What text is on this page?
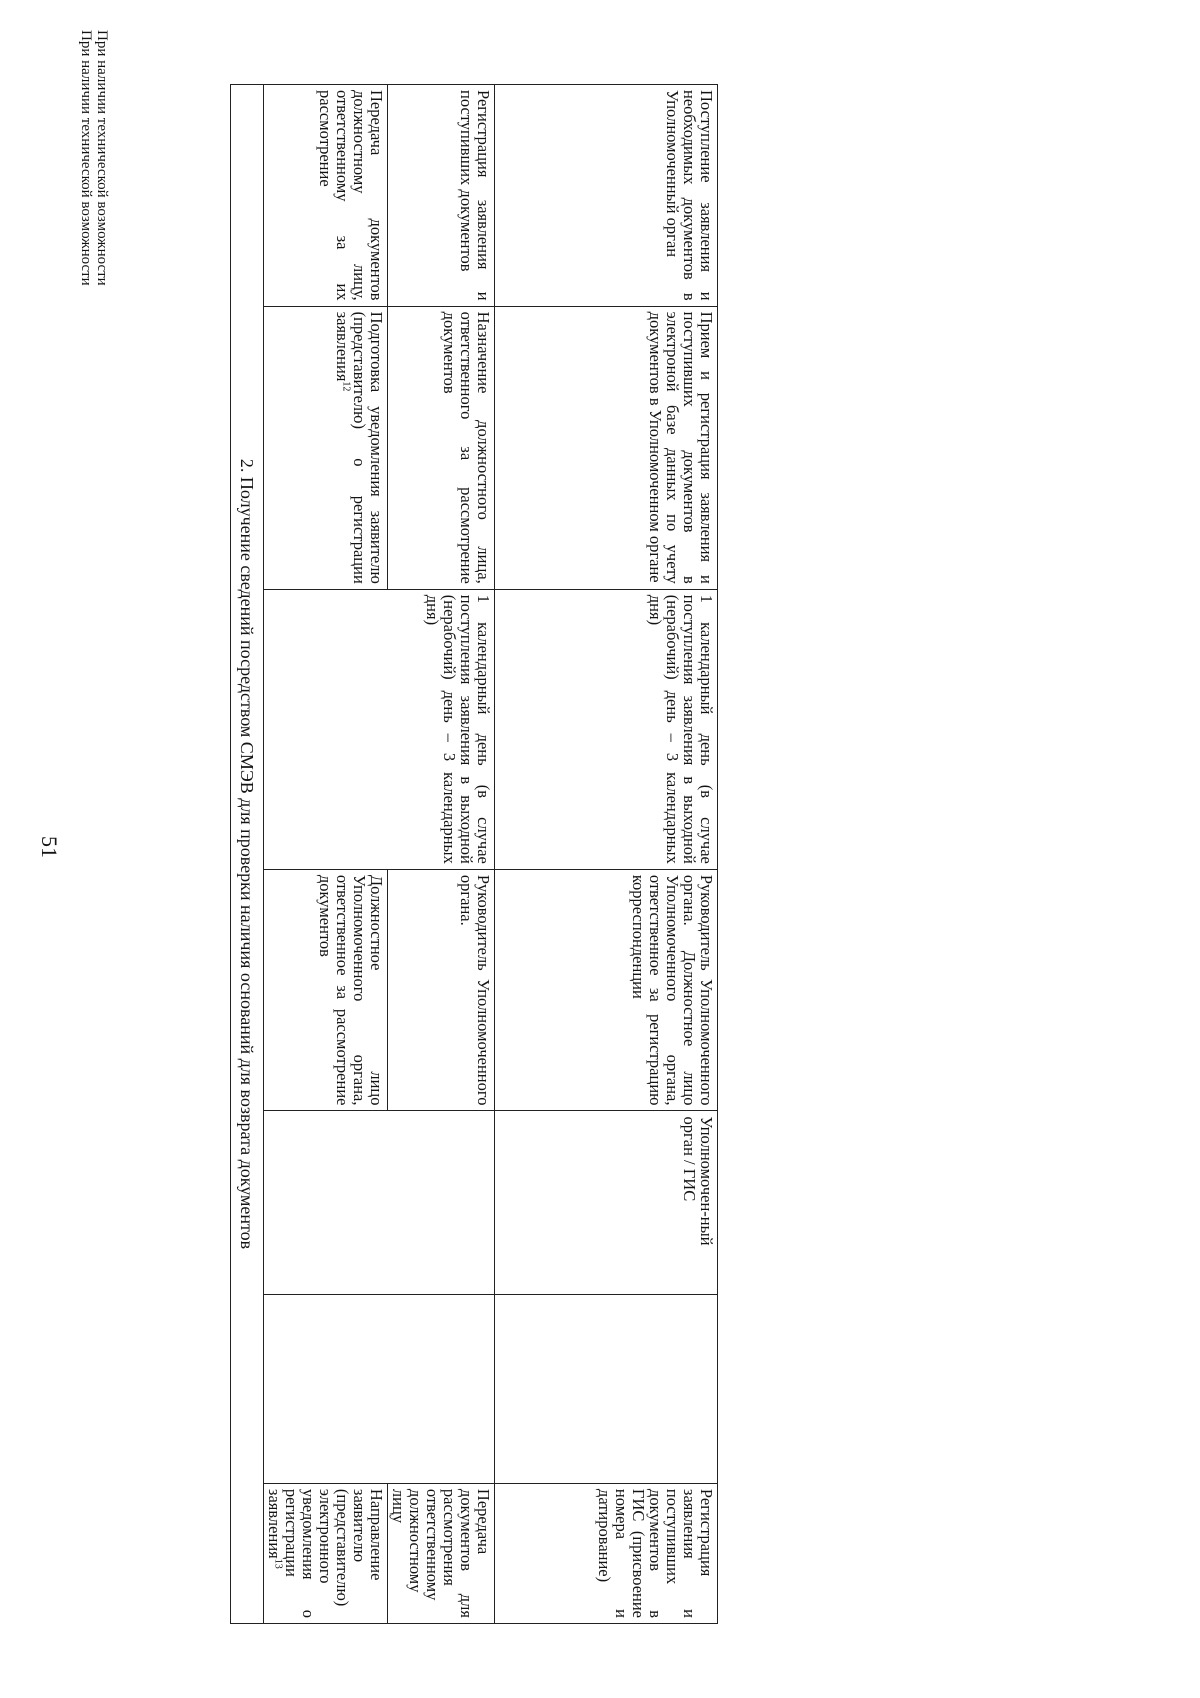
51
Поступление заявления и необходимых документов в Уполномоченный орган	Прием и регистрация заявления и поступивших документов в электроной базе данных по учету документов в Уполномоченном органе	1 календарный день (в случае поступления заявления в выходной (нерабочий) день – 3 календарных дня)	Руководитель Уполномоченного органа. Должностное лицо Уполномоченного органа, ответственное за регистрацию корреспонденции	Уполномочен-ный орган / ГИС		Регистрация заявления и поступивших документов в ГИС (присвоение номера и датирование)
						Передача документов для рассмотрения ответственному должностному лицу
Регистрация заявления и поступивших документов	Назначение должностного лица, ответственного за рассмотрение документов	1 календарный день (в случае поступления заявления в выходной (нерабочий) день – 3 календарных дня)	Руководитель Уполномоченного органа.			
						Направление заявителю (представителю) электронного уведомления о регистрации заявления$^{13}$
Передача документов должностному лицу, ответственному за их рассмотрение	Подготовка уведомления заявителю (представителю) о регистрации заявления$^{12}$		Должностное лицо Уполномоченного органа, ответственное за рассмотрение документов			
2. Получение сведений посредством СМЭВ для проверки наличия оснований для возврата документов						
При наличии технической возможности
При наличии технической возможности
